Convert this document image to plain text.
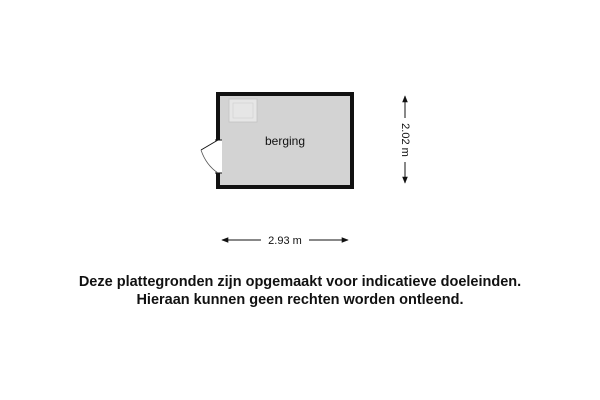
berging
2.93 m
2.02 m
Deze plattegronden zijn opgemaakt voor indicatieve doeleinden.
Hieraan kunnen geen rechten worden ontleend.
